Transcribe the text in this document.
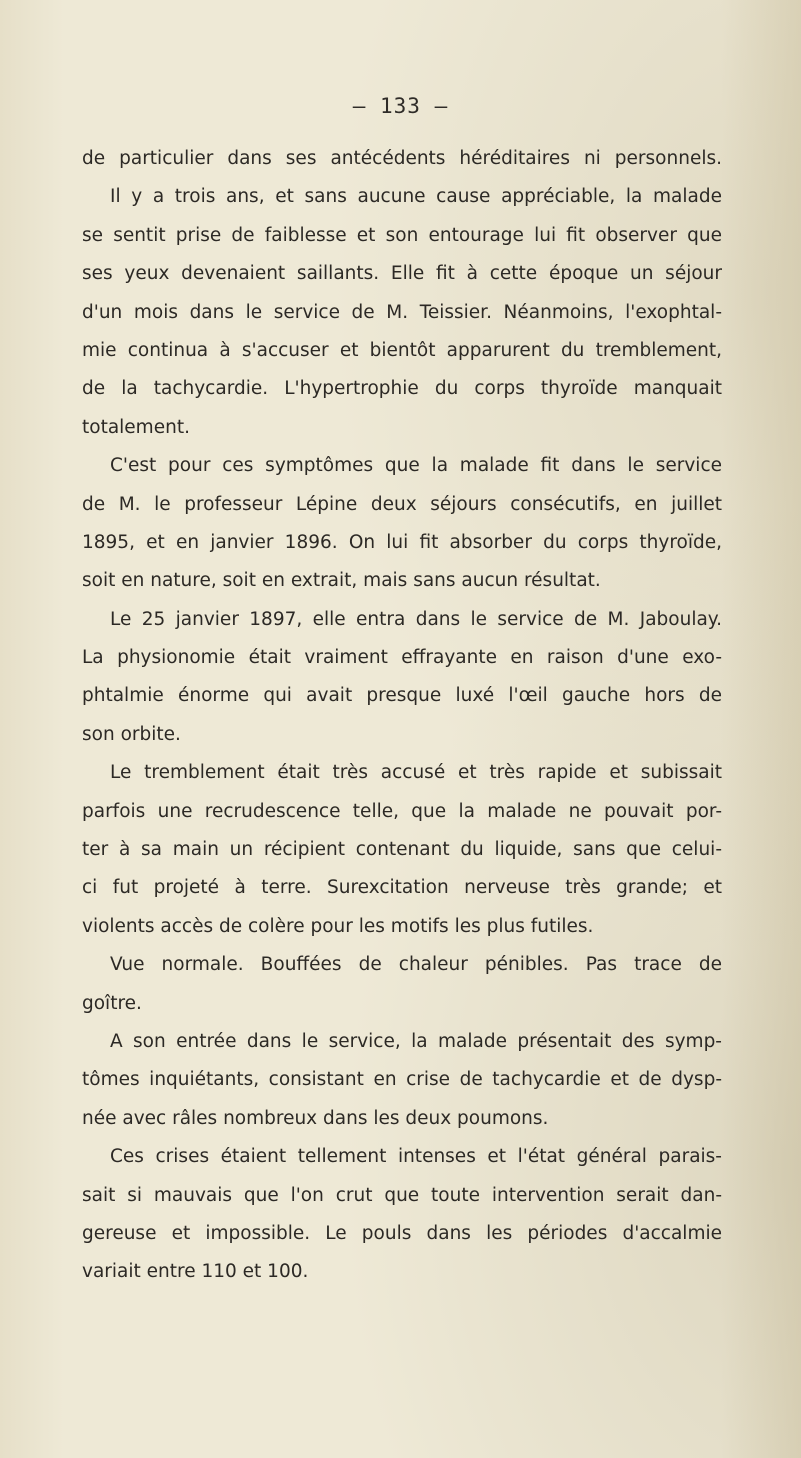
— 133 —
de particulier dans ses antécédents héréditaires ni personnels.
Il y a trois ans, et sans aucune cause appréciable, la malade
se sentit prise de faiblesse et son entourage lui fit observer que
ses yeux devenaient saillants. Elle fit à cette époque un séjour
d'un mois dans le service de M. Teissier. Néanmoins, l'exophtal-
mie continua à s'accuser et bientôt apparurent du tremblement,
de la tachycardie. L'hypertrophie du corps thyroïde manquait
totalement.
C'est pour ces symptômes que la malade fit dans le service
de M. le professeur Lépine deux séjours consécutifs, en juillet
1895, et en janvier 1896. On lui fit absorber du corps thyroïde,
soit en nature, soit en extrait, mais sans aucun résultat.
Le 25 janvier 1897, elle entra dans le service de M. Jaboulay.
La physionomie était vraiment effrayante en raison d'une exo-
phtalmie énorme qui avait presque luxé l'œil gauche hors de
son orbite.
Le tremblement était très accusé et très rapide et subissait
parfois une recrudescence telle, que la malade ne pouvait por-
ter à sa main un récipient contenant du liquide, sans que celui-
ci fut projeté à terre. Surexcitation nerveuse très grande; et
violents accès de colère pour les motifs les plus futiles.
Vue normale. Bouffées de chaleur pénibles. Pas trace de
goître.
A son entrée dans le service, la malade présentait des symp-
tômes inquiétants, consistant en crise de tachycardie et de dysp-
née avec râles nombreux dans les deux poumons.
Ces crises étaient tellement intenses et l'état général parais-
sait si mauvais que l'on crut que toute intervention serait dan-
gereuse et impossible. Le pouls dans les périodes d'accalmie
variait entre 110 et 100.
